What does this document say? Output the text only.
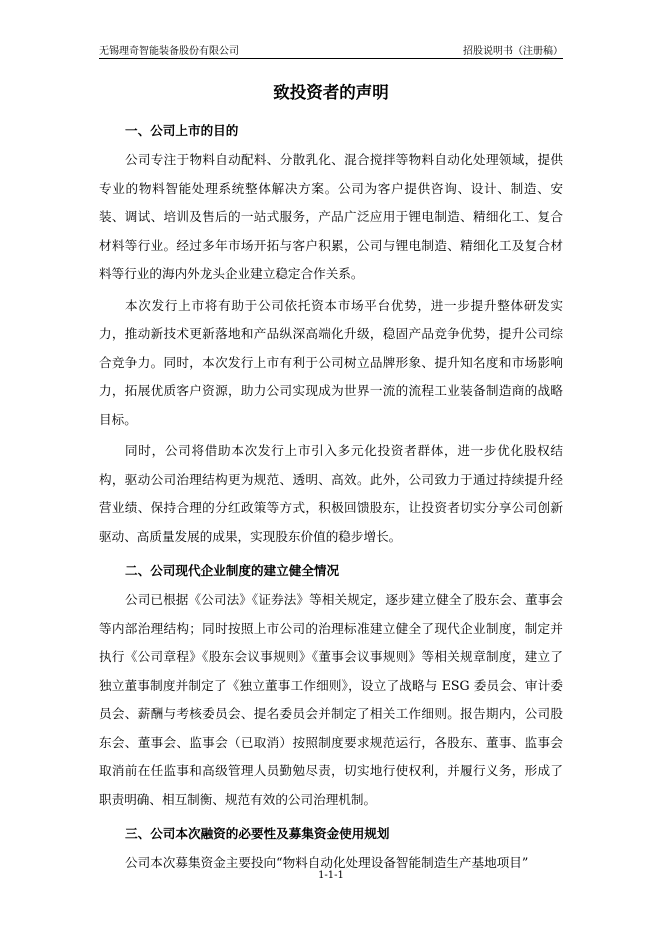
无锡理奇智能装备股份有限公司	招股说明书（注册稿）
致投资者的声明

一、公司上市的目的

公司专注于物料自动配料、分散乳化、混合搅拌等物料自动化处理领域，提供专业的物料智能处理系统整体解决方案。公司为客户提供咨询、设计、制造、安装、调试、培训及售后的一站式服务，产品广泛应用于锂电制造、精细化工、复合材料等行业。经过多年市场开拓与客户积累，公司与锂电制造、精细化工及复合材料等行业的海内外龙头企业建立稳定合作关系。

本次发行上市将有助于公司依托资本市场平台优势，进一步提升整体研发实力，推动新技术更新落地和产品纵深高端化升级，稳固产品竞争优势，提升公司综合竞争力。同时，本次发行上市有利于公司树立品牌形象、提升知名度和市场影响力，拓展优质客户资源，助力公司实现成为世界一流的流程工业装备制造商的战略目标。

同时，公司将借助本次发行上市引入多元化投资者群体，进一步优化股权结构，驱动公司治理结构更为规范、透明、高效。此外，公司致力于通过持续提升经营业绩、保持合理的分红政策等方式，积极回馈股东，让投资者切实分享公司创新驱动、高质量发展的成果，实现股东价值的稳步增长。

二、公司现代企业制度的建立健全情况

公司已根据《公司法》《证券法》等相关规定，逐步建立健全了股东会、董事会等内部治理结构；同时按照上市公司的治理标准建立健全了现代企业制度，制定并执行《公司章程》《股东会议事规则》《董事会议事规则》等相关规章制度，建立了独立董事制度并制定了《独立董事工作细则》，设立了战略与 ESG 委员会、审计委员会、薪酬与考核委员会、提名委员会并制定了相关工作细则。报告期内，公司股东会、董事会、监事会（已取消）按照制度要求规范运行，各股东、董事、监事会取消前在任监事和高级管理人员勤勉尽责，切实地行使权利，并履行义务，形成了职责明确、相互制衡、规范有效的公司治理机制。

三、公司本次融资的必要性及募集资金使用规划

公司本次募集资金主要投向“物料自动化处理设备智能制造生产基地项目”

1-1-1
